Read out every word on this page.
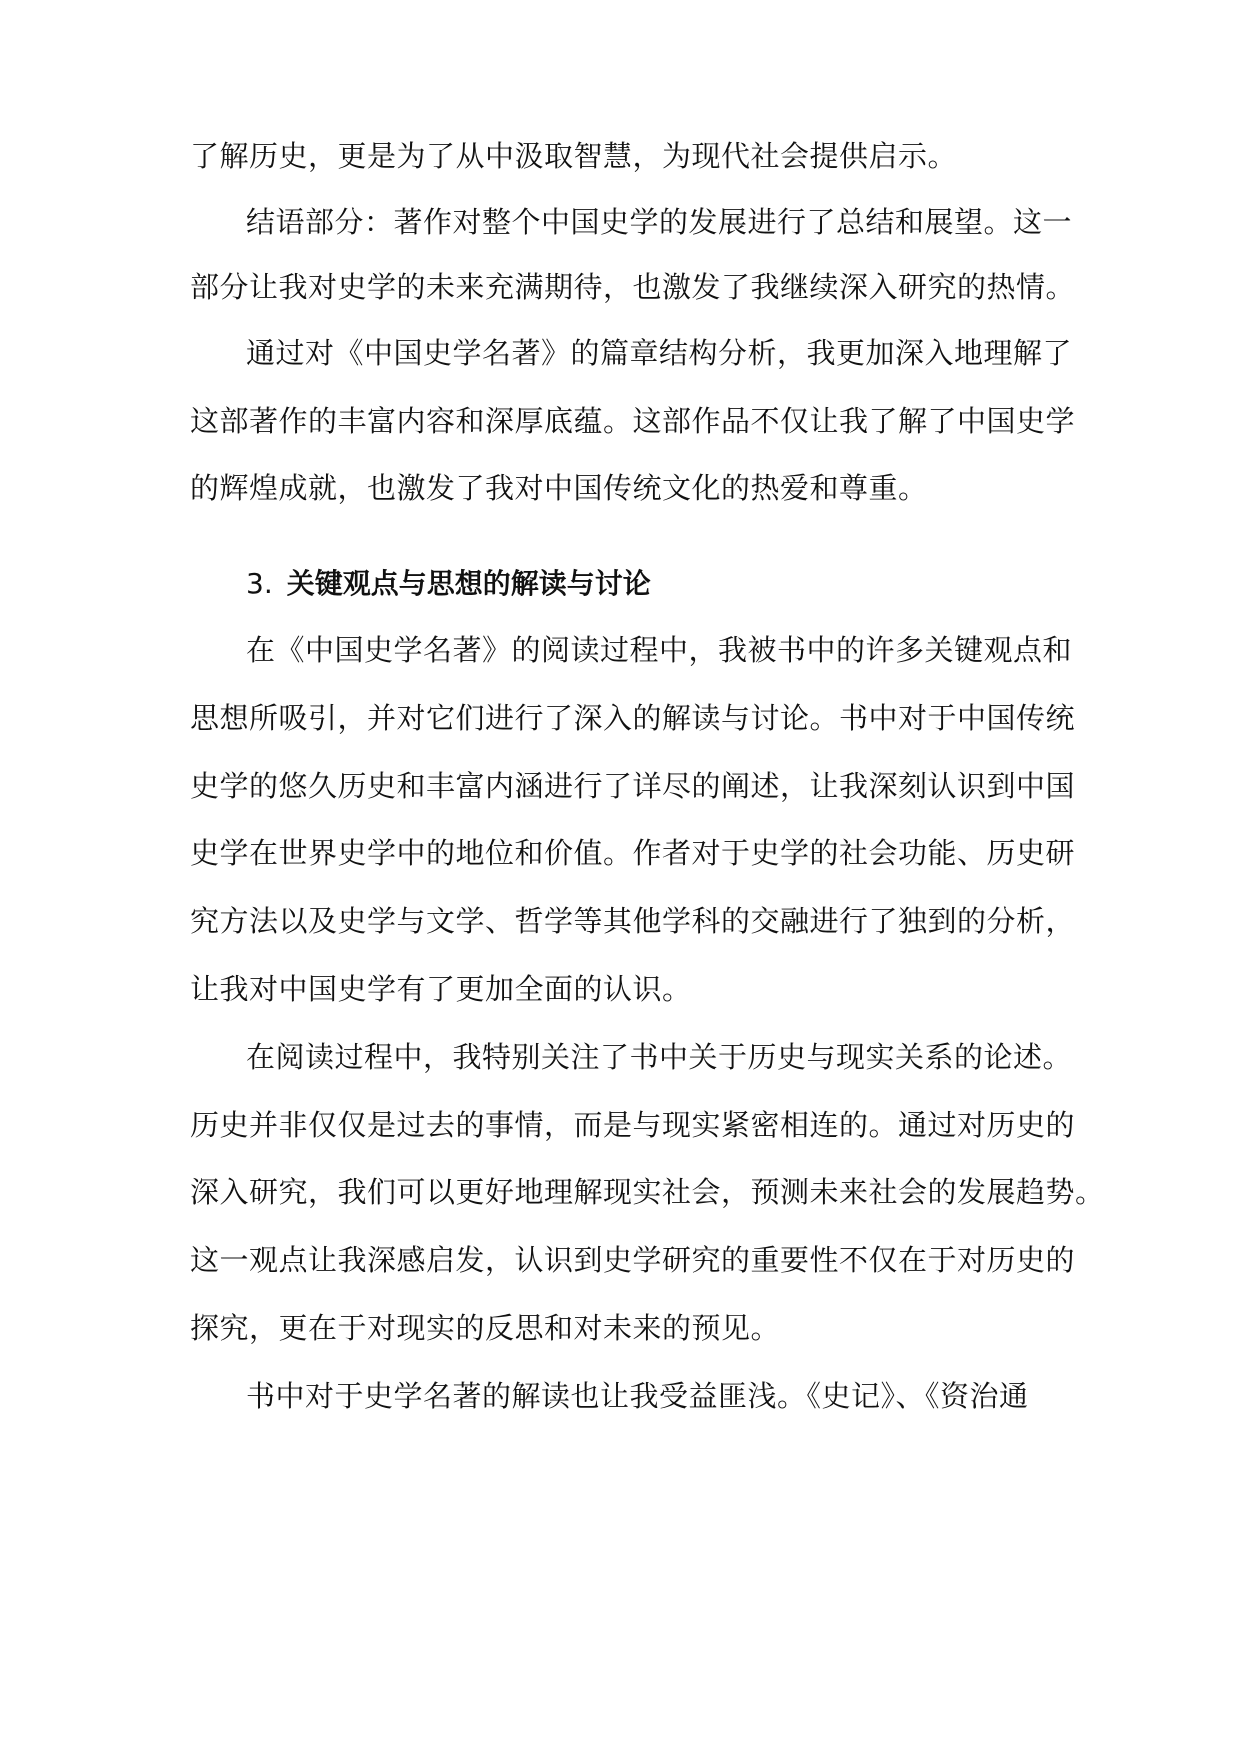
了解历史，更是为了从中汲取智慧，为现代社会提供启示。
结语部分：著作对整个中国史学的发展进行了总结和展望。这一
部分让我对史学的未来充满期待，也激发了我继续深入研究的热情。
通过对《中国史学名著》的篇章结构分析，我更加深入地理解了
这部著作的丰富内容和深厚底蕴。这部作品不仅让我了解了中国史学
的辉煌成就，也激发了我对中国传统文化的热爱和尊重。
3. 关键观点与思想的解读与讨论
在《中国史学名著》的阅读过程中，我被书中的许多关键观点和
思想所吸引，并对它们进行了深入的解读与讨论。书中对于中国传统
史学的悠久历史和丰富内涵进行了详尽的阐述，让我深刻认识到中国
史学在世界史学中的地位和价值。作者对于史学的社会功能、历史研
究方法以及史学与文学、哲学等其他学科的交融进行了独到的分析，
让我对中国史学有了更加全面的认识。
在阅读过程中，我特别关注了书中关于历史与现实关系的论述。
历史并非仅仅是过去的事情，而是与现实紧密相连的。通过对历史的
深入研究，我们可以更好地理解现实社会，预测未来社会的发展趋势。
这一观点让我深感启发，认识到史学研究的重要性不仅在于对历史的
探究，更在于对现实的反思和对未来的预见。
书中对于史学名著的解读也让我受益匪浅。《史记》、《资治通
